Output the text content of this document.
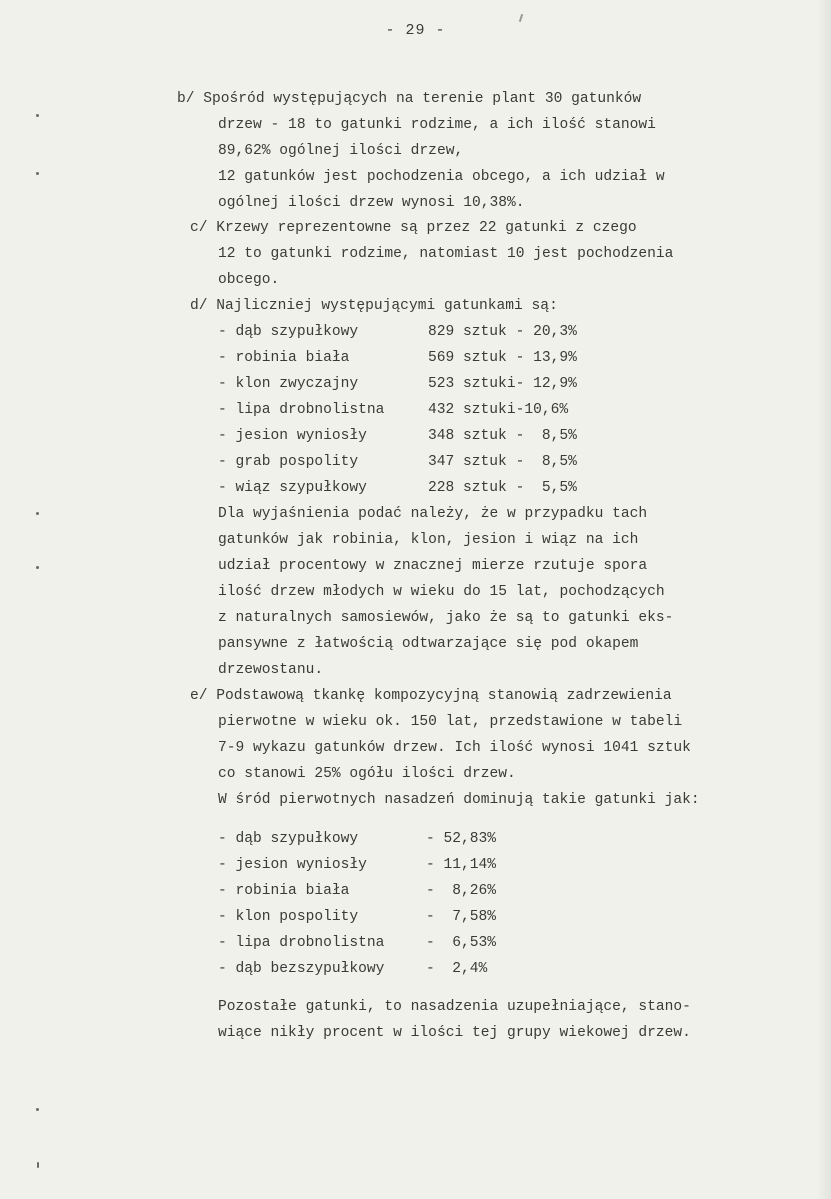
- 29 -
b/ Spośród występujących na terenie plant 30 gatunków
drzew - 18 to gatunki rodzime, a ich ilość stanowi
89,62% ogólnej ilości drzew,
12 gatunków jest pochodzenia obcego, a ich udział w
ogólnej ilości drzew wynosi 10,38%.
c/ Krzewy reprezentowne są przez 22 gatunki z czego
12 to gatunki rodzime, natomiast 10 jest pochodzenia
obcego.
d/ Najliczniej występującymi gatunkami są:
- dąb szypułkowy	829 sztuk - 20,3%
- robinia biała	569 sztuk - 13,9%
- klon zwyczajny	523 sztuki- 12,9%
- lipa drobnolistna	432 sztuki-10,6%
- jesion wyniosły	348 sztuk -  8,5%
- grab pospolity	347 sztuk -  8,5%
- wiąz szypułkowy	228 sztuk -  5,5%
Dla wyjaśnienia podać należy, że w przypadku tach
gatunków jak robinia, klon, jesion i wiąz na ich
udział procentowy w znacznej mierze rzutuje spora
ilość drzew młodych w wieku do 15 lat, pochodzących
z naturalnych samosiewów, jako że są to gatunki eks-
pansywne z łatwością odtwarzające się pod okapem
drzewostanu.
e/ Podstawową tkankę kompozycyjną stanowią zadrzewienia
pierwotne w wieku ok. 150 lat, przedstawione w tabeli
7-9 wykazu gatunków drzew. Ich ilość wynosi 1041 sztuk
co stanowi 25% ogółu ilości drzew.
W śród pierwotnych nasadzeń dominują takie gatunki jak:
- dąb szypułkowy	- 52,83%
- jesion wyniosły	- 11,14%
- robinia biała	-  8,26%
- klon pospolity	-  7,58%
- lipa drobnolistna	-  6,53%
- dąb bezszypułkowy	-  2,4%
Pozostałe gatunki, to nasadzenia uzupełniające, stano-
wiące nikły procent w ilości tej grupy wiekowej drzew.
